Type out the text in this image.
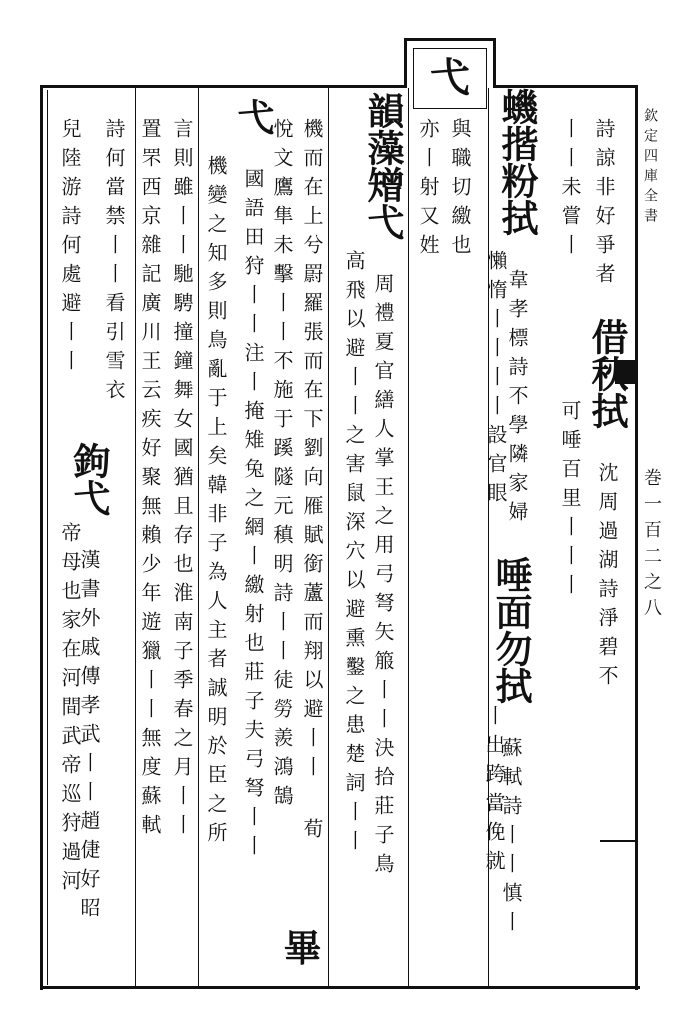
弋
巻一百二之八
欽定四庫全書
詩諒非好爭者
丨丨未嘗丨
借秋拭 沈周過湖詩淨碧不
可唾百里丨丨丨
蟣揩粉拭 韋孝標詩不學隣家婦
懶惰丨丨丨丨設官眼
唾面勿拭 蘇軾詩丨丨慎丨
丨出跨當俛就
與職切繳也
亦丨射又姓
韻藻矰弋 周禮夏官繕人掌王之用弓弩矢箙丨丨決拾莊子鳥
高飛以避丨丨之害鼠深穴以避熏鑿之患楚詞丨丨
機而在上兮罻羅張而在下劉向雁賦銜蘆而翔以避丨丨 荀
悅文鷹隼未擊丨丨不施于蹊隧元稹明詩丨丨徒勞羨鴻鵠
畢
弋 國語田狩丨丨注丨掩雉兔之網丨繳射也莊子夫弓弩丨丨
機變之知多則鳥亂于上矣韓非子為人主者誠明於臣之所
言則雖丨丨馳騁撞鐘舞女國猶且存也淮南子季春之月丨丨
置罘西京雜記廣川王云疾好聚無賴少年遊獵丨丨無度蘇軾
詩何當禁丨丨看引雪衣
鉤弋 漢書外戚傳孝武丨丨趙倢好昭
兒陸游詩何處避丨丨
帝母也家在河間武帝巡狩過河
